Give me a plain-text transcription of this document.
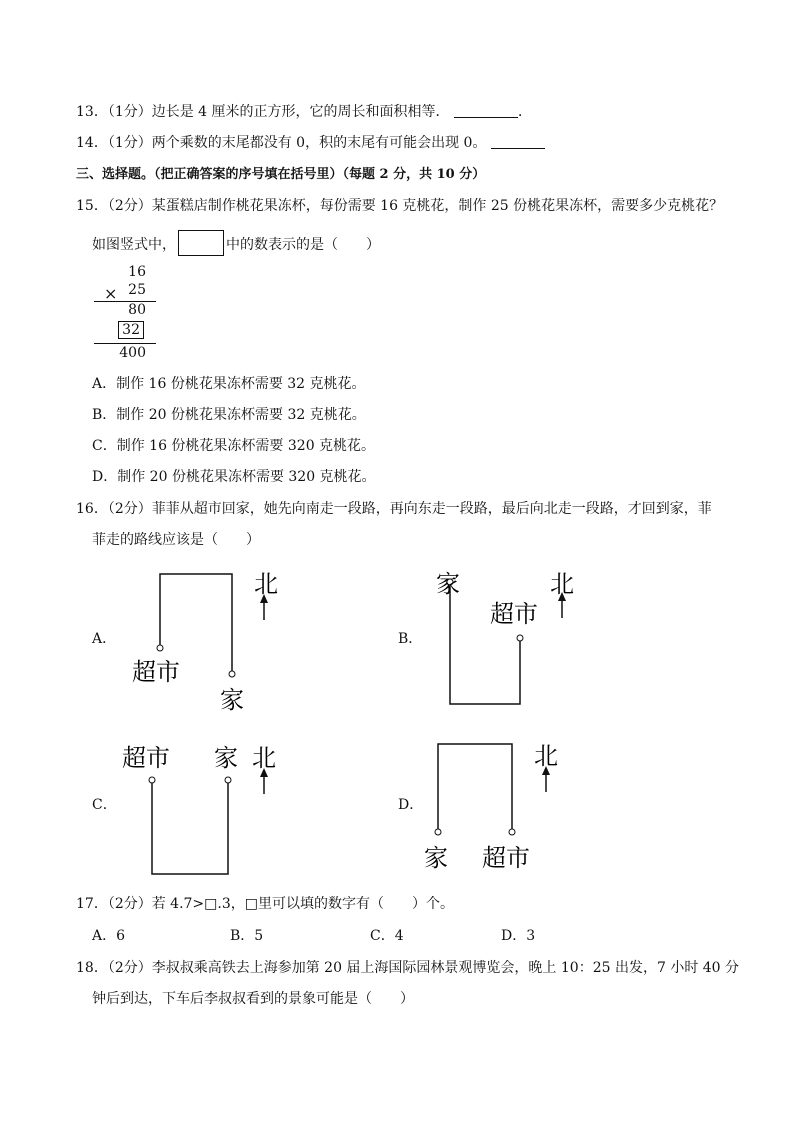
13．（1分）边长是 4 厘米的正方形，它的周长和面积相等．	．
14．（1分）两个乘数的末尾都没有 0，积的末尾有可能会出现 0。
三、选择题。（把正确答案的序号填在括号里）（每题 2 分，共 10 分）
15．（2分）某蛋糕店制作桃花果冻杯，每份需要 16 克桃花，制作 25 份桃花果冻杯，需要多少克桃花？
如图竖式中，	中的数表示的是（　　）
16
× 25
80
32
400
A．制作 16 份桃花果冻杯需要 32 克桃花。
B．制作 20 份桃花果冻杯需要 32 克桃花。
C．制作 16 份桃花果冻杯需要 320 克桃花。
D．制作 20 份桃花果冻杯需要 320 克桃花。
16．（2分）菲菲从超市回家，她先向南走一段路，再向东走一段路，最后向北走一段路，才回到家，菲
菲走的路线应该是（　　）
A．
北
超市
家
B．
家	北
超市
C．
超市 家 北
D．
北
家 超市
17．（2分）若 4.7>□.3，□里可以填的数字有（　　）个。
A．6	B．5	C．4	D．3
18．（2分）李叔叔乘高铁去上海参加第 20 届上海国际园林景观博览会，晚上 10：25 出发，7 小时 40 分
钟后到达，下车后李叔叔看到的景象可能是（　　）
